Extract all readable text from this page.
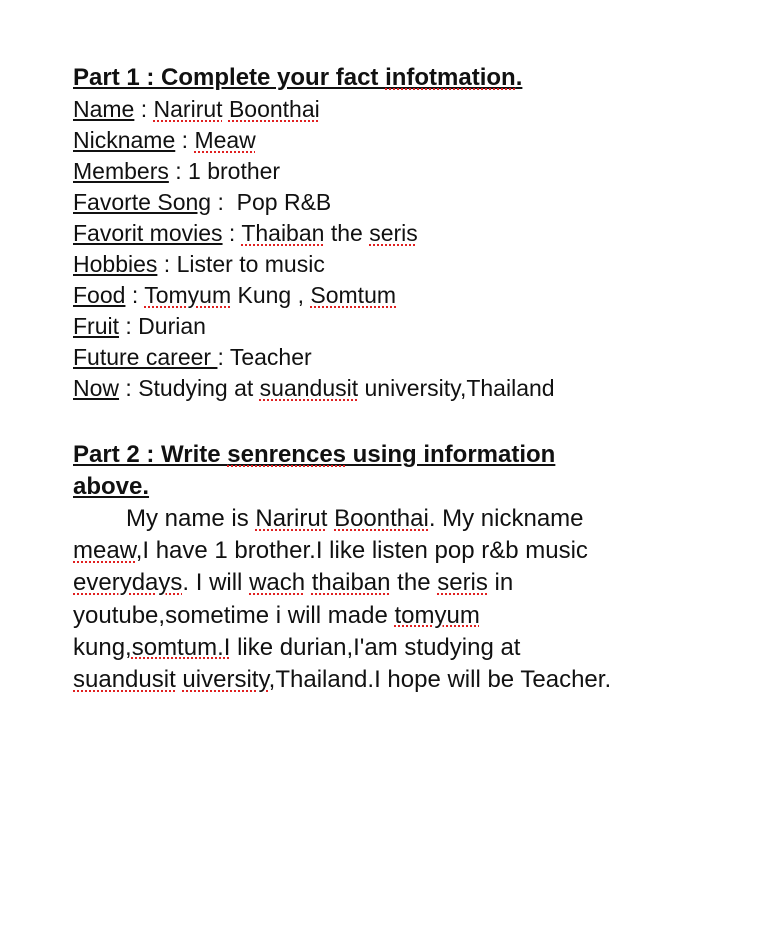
Part 1 : Complete your fact infotmation.
Name : Narirut Boonthai
Nickname : Meaw
Members : 1 brother
Favorte Song :  Pop R&B
Favorit movies : Thaiban the seris
Hobbies : Lister to music
Food : Tomyum Kung , Somtum
Fruit : Durian
Future career : Teacher
Now : Studying at suandusit university,Thailand
Part 2 : Write senrences using information
above.
My name is Narirut Boonthai. My nickname
meaw,I have 1 brother.I like listen pop r&b music
everydays. I will wach thaiban the seris in
youtube,sometime i will made tomyum
kung,somtum.I like durian,I'am studying at
suandusit uiversity,Thailand.I hope will be Teacher.
